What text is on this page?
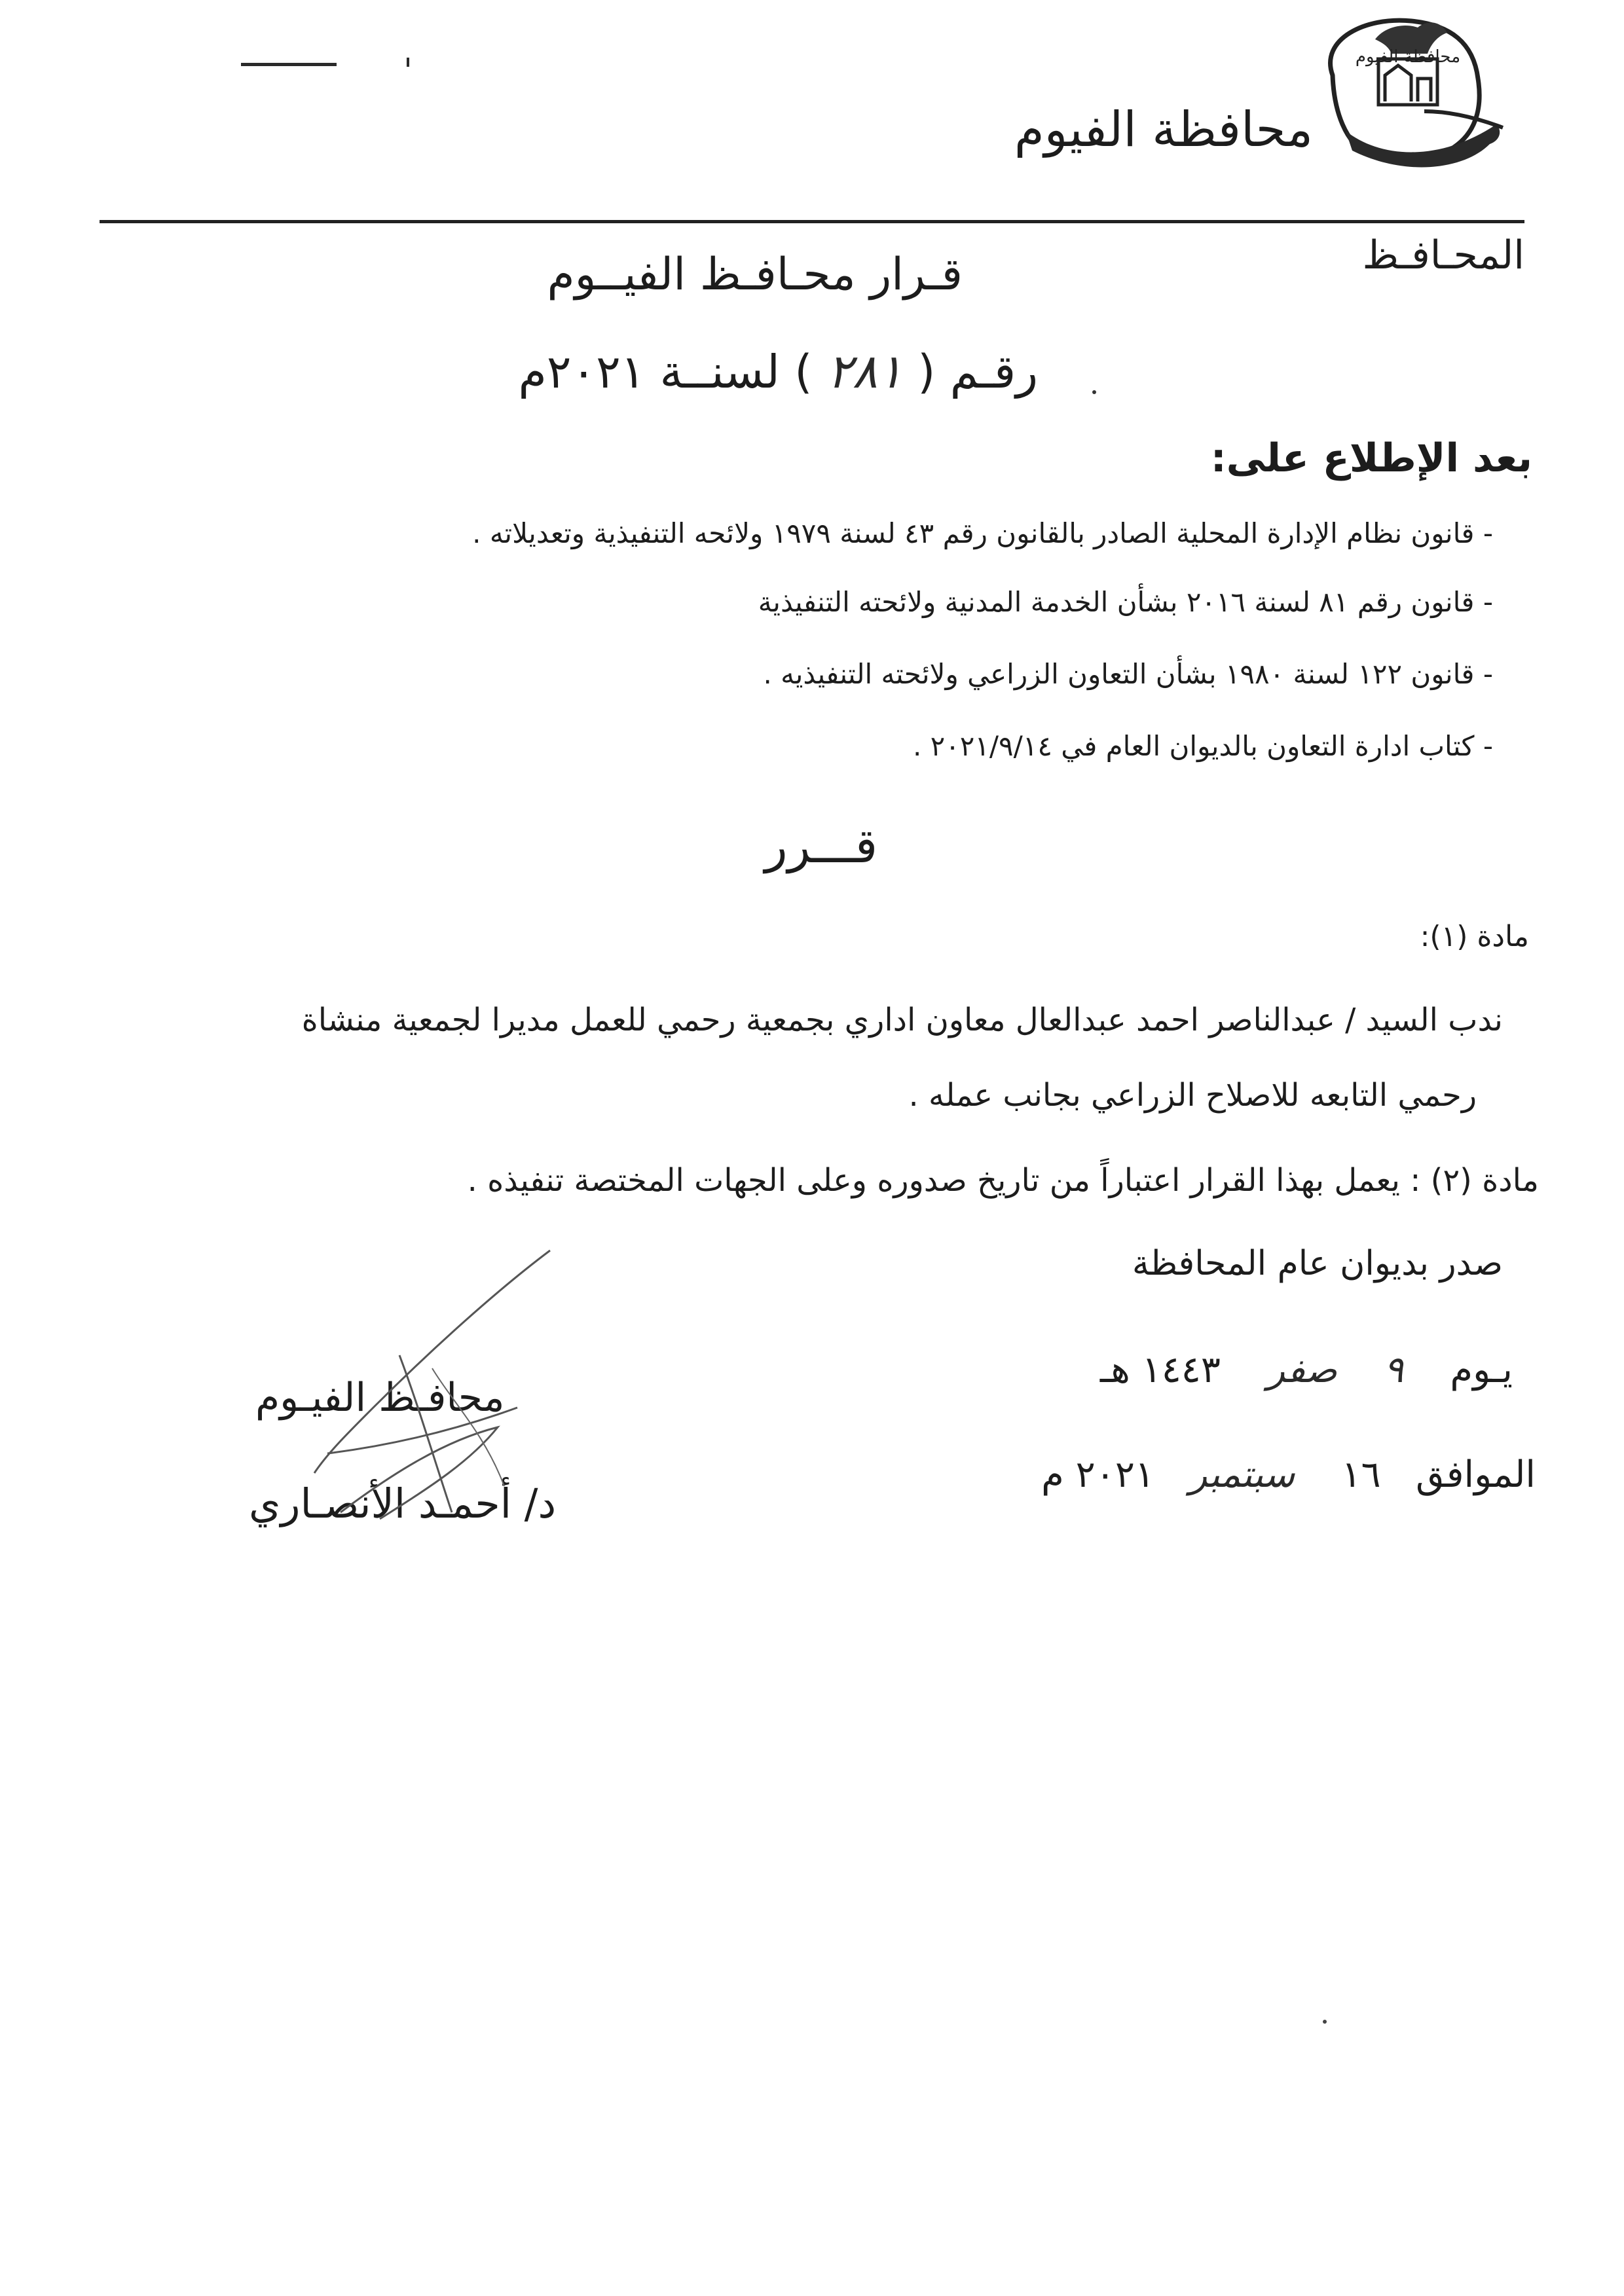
محافظة الفيوم
محافظة الفيوم
المحـافـظ
قـرار محـافـظ الفيــوم
رقـم ( ٢٨١ ) لسنــة ٢٠٢١م
بعد الإطلاع على:
- قانون نظام الإدارة المحلية الصادر بالقانون رقم ٤٣ لسنة ١٩٧٩ ولائحه التنفيذية وتعديلاته .
- قانون رقم ٨١ لسنة ٢٠١٦ بشأن الخدمة المدنية ولائحته التنفيذية
- قانون ١٢٢ لسنة ١٩٨٠ بشأن التعاون الزراعي ولائحته التنفيذيه .
- كتاب ادارة التعاون بالديوان العام في ٢٠٢١/٩/١٤ .
قـــرر
مادة (١):
ندب السيد / عبدالناصر احمد عبدالعال معاون اداري بجمعية رحمي للعمل مديرا لجمعية منشاة
رحمي التابعه للاصلاح الزراعي بجانب عمله .
مادة (٢) : يعمل بهذا القرار اعتباراً من تاريخ صدوره وعلى الجهات المختصة تنفيذه .
صدر بديوان عام المحافظة
يـوم    ٩    صفر    ١٤٤٣ هـ
الموافق   ١٦    سبتمبر   ٢٠٢١ م
محافـظ الفيـوم
د/ أحمـد الأنصـاري
